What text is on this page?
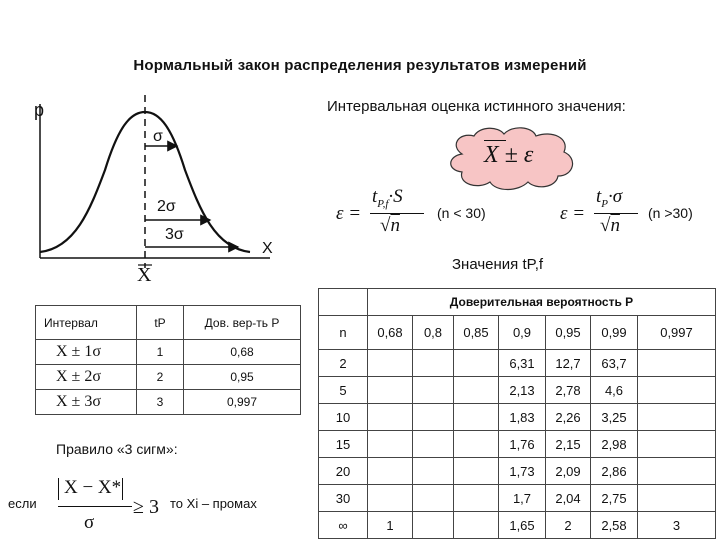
Нормальный закон распределения результатов измерений
p
X
X
σ
2σ
3σ
Интервальная оценка истинного значения:
X ± ε
ε =
$t_{P,f}\cdot S$
√n
(n < 30)	ε =
$t_P\cdot\sigma$
√n
(n >30)
Значения tP,f
Интервал	tP	Дов. вер-ть P
X ± 1σ	1	0,68
X ± 2σ	2	0,95
X ± 3σ	3	0,997
Правило «3 сигм»:
если
X − X*
σ
≥ 3 то Xi – промах
	Доверительная вероятность P						
n	0,68	0,8	0,85	0,9	0,95	0,99	0,997
2				6,31	12,7	63,7	
5				2,13	2,78	4,6	
10				1,83	2,26	3,25	
15				1,76	2,15	2,98	
20				1,73	2,09	2,86	
30				1,7	2,04	2,75	
∞	1			1,65	2	2,58	3
